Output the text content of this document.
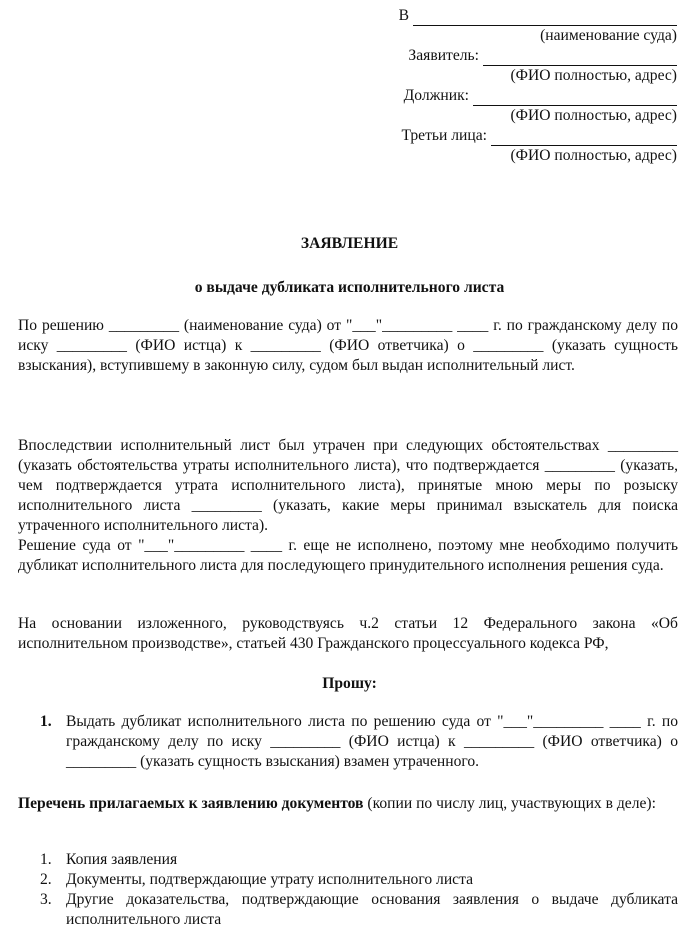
В
(наименование суда)
Заявитель:
(ФИО полностью, адрес)
Должник:
(ФИО полностью, адрес)
Третьи лица:
(ФИО полностью, адрес)
ЗАЯВЛЕНИЕ
о выдаче дубликата исполнительного листа

По решению _________ (наименование суда) от "___"_________ ____ г. по гражданскому делу по иску _________ (ФИО истца) к _________ (ФИО ответчика) о _________ (указать сущность взыскания), вступившему в законную силу, судом был выдан исполнительный лист.

Впоследствии исполнительный лист был утрачен при следующих обстоятельствах _________ (указать обстоятельства утраты исполнительного листа), что подтверждается _________ (указать, чем подтверждается утрата исполнительного листа), принятые мною меры по розыску исполнительного листа _________ (указать, какие меры принимал взыскатель для поиска утраченного исполнительного листа).

Решение суда от "___"_________ ____ г. еще не исполнено, поэтому мне необходимо получить дубликат исполнительного листа для последующего принудительного исполнения решения суда.

На основании изложенного, руководствуясь ч.2 статьи 12 Федерального закона «Об исполнительном производстве», статьей 430 Гражданского процессуального кодекса РФ,

Прошу:
1. Выдать дубликат исполнительного листа по решению суда от "___"_________ ____ г. по гражданскому делу по иску _________ (ФИО истца) к _________ (ФИО ответчика) о _________ (указать сущность взыскания) взамен утраченного.

Перечень прилагаемых к заявлению документов (копии по числу лиц, участвующих в деле):

1. Копия заявления
2. Документы, подтверждающие утрату исполнительного листа
3. Другие доказательства, подтверждающие основания заявления о выдаче дубликата исполнительного листа
